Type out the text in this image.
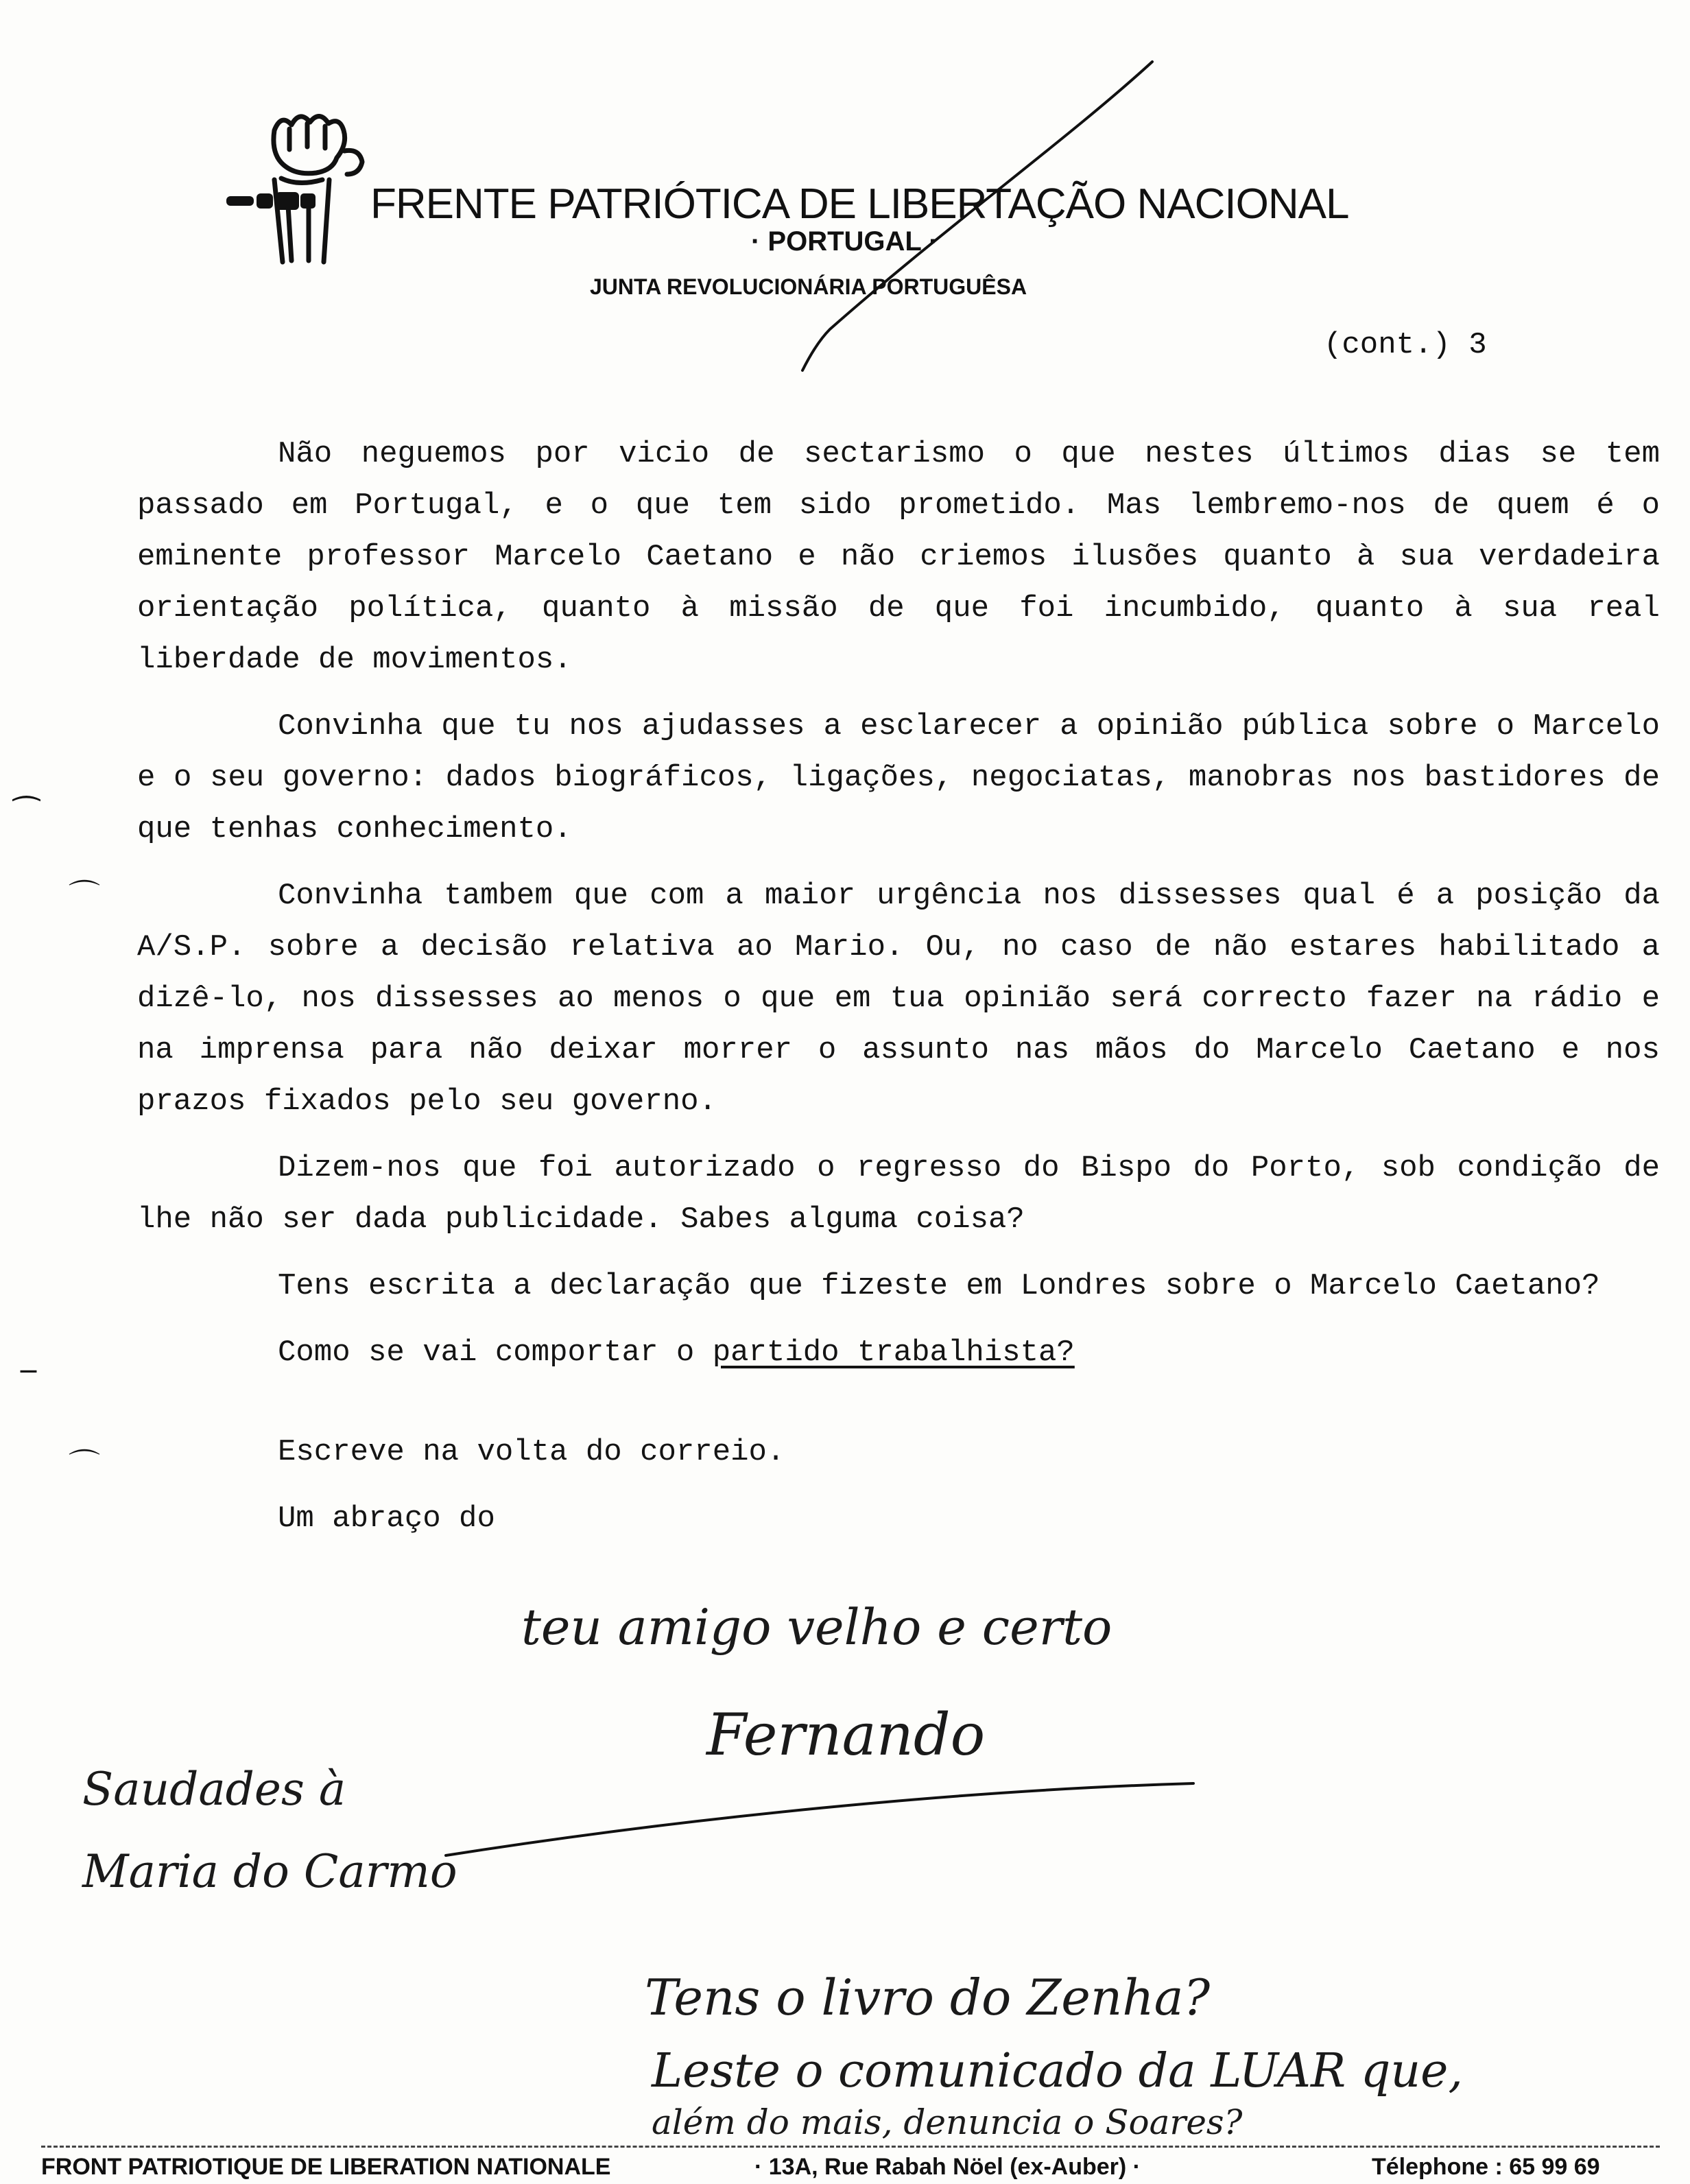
FRENTE PATRIÓTICA DE LIBERTAÇÃO NACIONAL
· PORTUGAL ·
JUNTA REVOLUCIONÁRIA PORTUGUÊSA
(cont.) 3
⁀
⌒
‾
⌒

Não neguemos por vicio de sectarismo o que nestes últimos dias se tem passado em Portugal, e o que tem sido prometido. Mas lembremo-nos de quem é o eminente professor Marcelo Caetano e não criemos ilusões quanto à sua verdadeira orientação política, quanto à missão de que foi incumbido, quanto à sua real liberdade de movimentos.

Convinha que tu nos ajudasses a esclarecer a opinião pública sobre o Marcelo e o seu governo: dados biográficos, ligações, negociatas, manobras nos bastidores de que tenhas conhecimento.

Convinha tambem que com a maior urgência nos dissesses qual é a posição da A/S.P. sobre a decisão relativa ao Mario. Ou, no caso de não estares habilitado a dizê-lo, nos dissesses ao menos o que em tua opinião será correcto fazer na rádio e na imprensa para não deixar morrer o assunto nas mãos do Marcelo Caetano e nos prazos fixados pelo seu governo.

Dizem-nos que foi autorizado o regresso do Bispo do Porto, sob condição de lhe não ser dada publicidade. Sabes alguma coisa?

Tens escrita a declaração que fizeste em Londres sobre o Marcelo Caetano?

Como se vai comportar o partido trabalhista?

Escreve na volta do correio.

Um abraço do

teu amigo velho e certo
Fernando
Saudades à
Maria do Carmo
Tens o livro do Zenha?
Leste o comunicado da LUAR que,
além do mais, denuncia o Soares?
FRONT PATRIOTIQUE DE LIBERATION NATIONALE	· 13A, Rue Rabah Nöel (ex-Auber) ·	Télephone : 65 99 69
